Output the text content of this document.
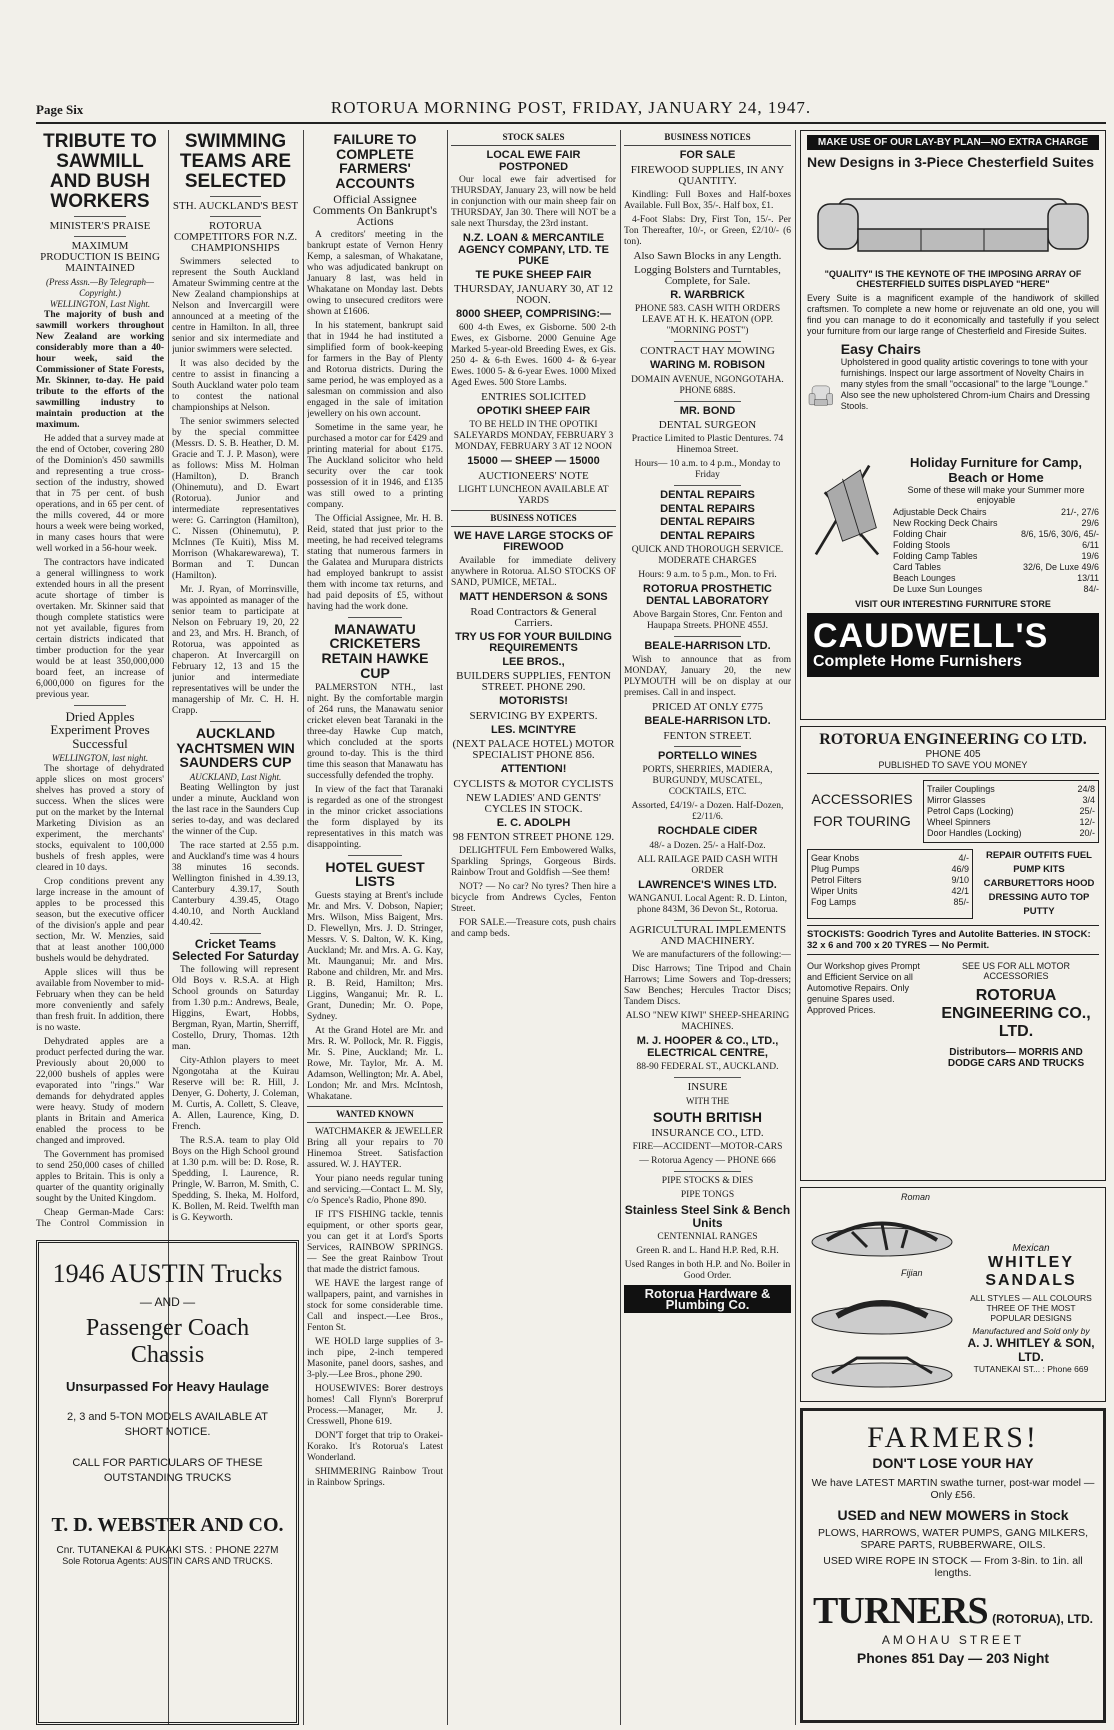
Page Six	ROTORUA MORNING POST, FRIDAY, JANUARY 24, 1947.
TRIBUTE TO SAWMILL AND BUSH WORKERS
MINISTER'S PRAISE
MAXIMUM PRODUCTION IS BEING MAINTAINED
(Press Assn.—By Telegraph—Copyright.)
WELLINGTON, Last Night.

The majority of bush and sawmill workers throughout New Zealand are working considerably more than a 40-hour week, said the Commissioner of State Forests, Mr. Skinner, to-day. He paid tribute to the efforts of the sawmilling industry to maintain production at the maximum.

He added that a survey made at the end of October, covering 280 of the Dominion's 450 sawmills and representing a true cross-section of the industry, showed that in 75 per cent. of bush operations, and in 65 per cent. of the mills covered, 44 or more hours a week were being worked, in many cases hours that were well worked in a 56-hour week.

The contractors have indicated a general willingness to work extended hours in all the present acute shortage of timber is overtaken. Mr. Skinner said that though complete statistics were not yet available, figures from certain districts indicated that timber production for the year would be at least 350,000,000 board feet, an increase of 6,000,000 on figures for the previous year.

Dried Apples Experiment Proves Successful
WELLINGTON, last night.

The shortage of dehydrated apple slices on most grocers' shelves has proved a story of success. When the slices were put on the market by the Internal Marketing Division as an experiment, the merchants' stocks, equivalent to 100,000 bushels of fresh apples, were cleared in 10 days.

Crop conditions prevent any large increase in the amount of apples to be processed this season, but the executive officer of the division's apple and pear section, Mr. W. Menzies, said that at least another 100,000 bushels would be dehydrated.

Apple slices will thus be available from November to mid-February when they can be held more conveniently and safely than fresh fruit. In addition, there is no waste.

Dehydrated apples are a product perfected during the war. Previously about 20,000 to 22,000 bushels of apples were evaporated into "rings." War demands for dehydrated apples were heavy. Study of modern plants in Britain and America enabled the process to be changed and improved.

The Government has promised to send 250,000 cases of chilled apples to Britain. This is only a quarter of the quantity originally sought by the United Kingdom.

Cheap German-Made Cars: The Control Commission in

SWIMMING TEAMS ARE SELECTED
STH. AUCKLAND'S BEST
ROTORUA COMPETITORS FOR N.Z. CHAMPIONSHIPS

Swimmers selected to represent the South Auckland Amateur Swimming centre at the New Zealand championships at Nelson and Invercargill were announced at a meeting of the centre in Hamilton. In all, three senior and six intermediate and junior swimmers were selected.

It was also decided by the centre to assist in financing a South Auckland water polo team to contest the national championships at Nelson.

The senior swimmers selected by the special committee (Messrs. D. S. B. Heather, D. M. Gracie and T. J. P. Mason), were as follows: Miss M. Holman (Hamilton), D. Branch (Ohinemutu), and D. Ewart (Rotorua). Junior and intermediate representatives were: G. Carrington (Hamilton), C. Nissen (Ohinemutu), P. McInnes (Te Kuiti), Miss M. Morrison (Whakarewarewa), T. Borman and T. Duncan (Hamilton).

Mr. J. Ryan, of Morrinsville, was appointed as manager of the senior team to participate at Nelson on February 19, 20, 22 and 23, and Mrs. H. Branch, of Rotorua, was appointed as chaperon. At Invercargill on February 12, 13 and 15 the junior and intermediate representatives will be under the managership of Mr. C. H. H. Crapp.

AUCKLAND YACHTSMEN WIN SAUNDERS CUP
AUCKLAND, Last Night.

Beating Wellington by just under a minute, Auckland won the last race in the Saunders Cup series to-day, and was declared the winner of the Cup.

The race started at 2.55 p.m. and Auckland's time was 4 hours 38 minutes 16 seconds. Wellington finished in 4.39.13, Canterbury 4.39.17, South Canterbury 4.39.45, Otago 4.40.10, and North Auckland 4.40.42.

Cricket Teams Selected For Saturday

The following will represent Old Boys v. R.S.A. at High School grounds on Saturday from 1.30 p.m.: Andrews, Beale, Higgins, Ewart, Hobbs, Bergman, Ryan, Martin, Sherriff, Costello, Drury, Thomas. 12th man.

City-Athlon players to meet Ngongotaha at the Kuirau Reserve will be: R. Hill, J. Denyer, G. Doherty, J. Coleman, M. Curtis, A. Collett, S. Cleave, A. Allen, Laurence, King, D. French.

The R.S.A. team to play Old Boys on the High School ground at 1.30 p.m. will be: D. Rose, R. Spedding, I. Laurence, R. Pringle, W. Barron, M. Smith, C. Spedding, S. Iheka, M. Holford, K. Bollen, M. Reid. Twelfth man is G. Keyworth.

1946 AUSTIN Trucks
— AND —
Passenger Coach Chassis
Unsurpassed For Heavy Haulage
2, 3 and 5-TON MODELS AVAILABLE AT SHORT NOTICE.
CALL FOR PARTICULARS OF THESE OUTSTANDING TRUCKS
T. D. WEBSTER AND CO.
Cnr. TUTANEKAI & PUKAKI STS. : PHONE 227M
Sole Rotorua Agents: AUSTIN CARS AND TRUCKS.
FAILURE TO COMPLETE FARMERS' ACCOUNTS
Official Assignee Comments On Bankrupt's Actions

A creditors' meeting in the bankrupt estate of Vernon Henry Kemp, a salesman, of Whakatane, who was adjudicated bankrupt on January 8 last, was held in Whakatane on Monday last. Debts owing to unsecured creditors were shown at £1606.

In his statement, bankrupt said that in 1944 he had instituted a simplified form of book-keeping for farmers in the Bay of Plenty and Rotorua districts. During the same period, he was employed as a salesman on commission and also engaged in the sale of imitation jewellery on his own account.

Sometime in the same year, he purchased a motor car for £429 and printing material for about £175. The Auckland solicitor who held security over the car took possession of it in 1946, and £135 was still owed to a printing company.

The Official Assignee, Mr. H. B. Reid, stated that just prior to the meeting, he had received telegrams stating that numerous farmers in the Galatea and Murupara districts had employed bankrupt to assist them with income tax returns, and had paid deposits of £5, without having had the work done.

MANAWATU CRICKETERS RETAIN HAWKE CUP

PALMERSTON NTH., last night. By the comfortable margin of 264 runs, the Manawatu senior cricket eleven beat Taranaki in the three-day Hawke Cup match, which concluded at the sports ground to-day. This is the third time this season that Manawatu has successfully defended the trophy.

In view of the fact that Taranaki is regarded as one of the strongest in the minor cricket associations the form displayed by its representatives in this match was disappointing.

HOTEL GUEST LISTS

Guests staying at Brent's include Mr. and Mrs. V. Dobson, Napier; Mrs. Wilson, Miss Baigent, Mrs. D. Flewellyn, Mrs. J. D. Stringer, Messrs. V. S. Dalton, W. K. King, Auckland; Mr. and Mrs. A. G. Kay, Mt. Maunganui; Mr. and Mrs. Rabone and children, Mr. and Mrs. R. B. Reid, Hamilton; Mrs. Liggins, Wanganui; Mr. R. L. Grant, Dunedin; Mr. O. Pope, Sydney.

At the Grand Hotel are Mr. and Mrs. R. W. Pollock, Mr. R. Figgis, Mr. S. Pine, Auckland; Mr. L. Rowe, Mr. Taylor, Mr. A. M. Adamson, Wellington; Mr. A. Abel, London; Mr. and Mrs. McIntosh, Whakatane.

WANTED KNOWN

WATCHMAKER & JEWELLER Bring all your repairs to 70 Hinemoa Street. Satisfaction assured. W. J. HAYTER.

Your piano needs regular tuning and servicing.—Contact L. M. Sly, c/o Spence's Radio, Phone 890.

IF IT'S FISHING tackle, tennis equipment, or other sports gear, you can get it at Lord's Sports Services, RAINBOW SPRINGS. — See the great Rainbow Trout that made the district famous.

WE HAVE the largest range of wallpapers, paint, and varnishes in stock for some considerable time. Call and inspect.—Lee Bros., Fenton St.

WE HOLD large supplies of 3-inch pipe, 2-inch tempered Masonite, panel doors, sashes, and 3-ply.—Lee Bros., phone 290.

HOUSEWIVES: Borer destroys homes! Call Flynn's Borerpruf Process.—Manager, Mr. J. Cresswell, Phone 619.

DON'T forget that trip to Orakei-Korako. It's Rotorua's Latest Wonderland.

SHIMMERING Rainbow Trout in Rainbow Springs.

STOCK SALES
LOCAL EWE FAIR POSTPONED

Our local ewe fair advertised for THURSDAY, January 23, will now be held in conjunction with our main sheep fair on THURSDAY, Jan 30. There will NOT be a sale next Thursday, the 23rd instant.

N.Z. LOAN & MERCANTILE AGENCY COMPANY, LTD. TE PUKE
TE PUKE SHEEP FAIR
THURSDAY, JANUARY 30, AT 12 NOON.
8000 SHEEP, COMPRISING:—

600 4-th Ewes, ex Gisborne. 500 2-th Ewes, ex Gisborne. 2000 Genuine Age Marked 5-year-old Breeding Ewes, ex Gis. 250 4- & 6-th Ewes. 1600 4- & 6-year Ewes. 1000 5- & 6-year Ewes. 1000 Mixed Aged Ewes. 500 Store Lambs.

ENTRIES SOLICITED
OPOTIKI SHEEP FAIR
TO BE HELD IN THE OPOTIKI SALEYARDS MONDAY, FEBRUARY 3 MONDAY, FEBRUARY 3 AT 12 NOON
15000 — SHEEP — 15000
AUCTIONEERS' NOTE
LIGHT LUNCHEON AVAILABLE AT YARDS
BUSINESS NOTICES
WE HAVE LARGE STOCKS OF FIREWOOD

Available for immediate delivery anywhere in Rotorua. ALSO STOCKS OF SAND, PUMICE, METAL.

MATT HENDERSON & SONS
Road Contractors & General Carriers.
TRY US FOR YOUR BUILDING REQUIREMENTS
LEE BROS.,
BUILDERS SUPPLIES, FENTON STREET. PHONE 290.
MOTORISTS!
SERVICING BY EXPERTS.
LES. MCINTYRE
(NEXT PALACE HOTEL) MOTOR SPECIALIST PHONE 856.
ATTENTION!
CYCLISTS & MOTOR CYCLISTS
NEW LADIES' AND GENTS' CYCLES IN STOCK.
E. C. ADOLPH
98 FENTON STREET PHONE 129.

DELIGHTFUL Fern Embowered Walks, Sparkling Springs, Gorgeous Birds. Rainbow Trout and Goldfish —See them!

NOT? — No car? No tyres? Then hire a bicycle from Andrews Cycles, Fenton Street.

FOR SALE.—Treasure cots, push chairs and camp beds.

BUSINESS NOTICES
FOR SALE
FIREWOOD SUPPLIES, IN ANY QUANTITY.

Kindling: Full Boxes and Half-boxes Available. Full Box, 35/-. Half box, £1.

4-Foot Slabs: Dry, First Ton, 15/-. Per Ton Thereafter, 10/-, or Green, £2/10/- (6 ton).

Also Sawn Blocks in any Length.
Logging Bolsters and Turntables, Complete, for Sale.
R. WARBRICK
PHONE 583. CASH WITH ORDERS LEAVE AT H. K. HEATON (OPP. "MORNING POST")
CONTRACT HAY MOWING
WARING M. ROBISON
DOMAIN AVENUE, NGONGOTAHA. PHONE 688S.
MR. BOND
DENTAL SURGEON
Practice Limited to Plastic Dentures. 74 Hinemoa Street.
Hours— 10 a.m. to 4 p.m., Monday to Friday
DENTAL REPAIRS
DENTAL REPAIRS
DENTAL REPAIRS
DENTAL REPAIRS
QUICK AND THOROUGH SERVICE. MODERATE CHARGES
Hours: 9 a.m. to 5 p.m., Mon. to Fri.
ROTORUA PROSTHETIC DENTAL LABORATORY
Above Bargain Stores, Cnr. Fenton and Haupapa Streets. PHONE 455J.
BEALE-HARRISON LTD.

Wish to announce that as from MONDAY, January 20, the new PLYMOUTH will be on display at our premises. Call in and inspect.

PRICED AT ONLY £775
BEALE-HARRISON LTD.
FENTON STREET.
PORTELLO WINES
PORTS, SHERRIES, MADIERA, BURGUNDY, MUSCATEL, COCKTAILS, ETC.
Assorted, £4/19/- a Dozen. Half-Dozen, £2/11/6.
ROCHDALE CIDER
48/- a Dozen. 25/- a Half-Doz.
ALL RAILAGE PAID CASH WITH ORDER
LAWRENCE'S WINES LTD.
WANGANUI. Local Agent: R. D. Linton, phone 843M, 36 Devon St., Rotorua.
AGRICULTURAL IMPLEMENTS AND MACHINERY.

We are manufacturers of the following:—

Disc Harrows; Tine Tripod and Chain Harrows; Lime Sowers and Top-dressers; Saw Benches; Hercules Tractor Discs; Tandem Discs.

ALSO "NEW KIWI" SHEEP-SHEARING MACHINES.
M. J. HOOPER & CO., LTD., ELECTRICAL CENTRE,
88-90 FEDERAL ST., AUCKLAND.
INSURE
WITH THE
SOUTH BRITISH
INSURANCE CO., LTD.
FIRE—ACCIDENT—MOTOR-CARS
— Rotorua Agency — PHONE 666
PIPE STOCKS & DIES
PIPE TONGS
Stainless Steel Sink & Bench Units
CENTENNIAL RANGES
Green R. and L. Hand H.P. Red, R.H.
Used Ranges in both H.P. and No. Boiler in Good Order.
Rotorua Hardware & Plumbing Co.
MAKE USE OF OUR LAY-BY PLAN—NO EXTRA CHARGE
New Designs in 3-Piece Chesterfield Suites
"QUALITY" IS THE KEYNOTE OF THE IMPOSING ARRAY OF CHESTERFIELD SUITES DISPLAYED "HERE"
Every Suite is a magnificent example of the handiwork of skilled craftsmen. To complete a new home or rejuvenate an old one, you will find you can manage to do it economically and tastefully if you select your furniture from our large range of Chesterfield and Fireside Suites.
Easy Chairs
Upholstered in good quality artistic coverings to tone with your furnishings. Inspect our large assortment of Novelty Chairs in many styles from the small "occasional" to the large "Lounge." Also see the new upholstered Chrom-ium Chairs and Dressing Stools.
Holiday Furniture for Camp, Beach or Home
Some of these will make your Summer more enjoyable
Adjustable Deck Chairs	21/-, 27/6
New Rocking Deck Chairs	29/6
Folding Chair	8/6, 15/6, 30/6, 45/-
Folding Stools	6/11
Folding Camp Tables	19/6
Card Tables	32/6, De Luxe 49/6
Beach Lounges	13/11
De Luxe Sun Lounges	84/-
VISIT OUR INTERESTING FURNITURE STORE
CAUDWELL'S
Complete Home Furnishers
ROTORUA ENGINEERING CO LTD.
PHONE 405
PUBLISHED TO SAVE YOU MONEY
ACCESSORIES FOR TOURING
Trailer Couplings	24/8
Mirror Glasses	3/4
Petrol Caps (Locking)	25/-
Wheel Spinners	12/-
Door Handles (Locking)	20/-
Gear Knobs	4/-
Plug Pumps	46/9
Petrol Filters	9/10
Wiper Units	42/1
Fog Lamps	85/-
REPAIR OUTFITS FUEL PUMP KITS CARBURETTORS HOOD DRESSING AUTO TOP PUTTY
STOCKISTS: Goodrich Tyres and Autolite Batteries. IN STOCK: 32 x 6 and 700 x 20 TYRES — No Permit.
Our Workshop gives Prompt and Efficient Service on all Automotive Repairs. Only genuine Spares used. Approved Prices.
SEE US FOR ALL MOTOR ACCESSORIES
ROTORUA ENGINEERING CO., LTD.
Distributors— MORRIS AND DODGE CARS AND TRUCKS
Roman
Fijian
Mexican
WHITLEY SANDALS
ALL STYLES — ALL COLOURS THREE OF THE MOST POPULAR DESIGNS
Manufactured and Sold only by
A. J. WHITLEY & SON, LTD.
TUTANEKAI ST... : Phone 669
FARMERS!
DON'T LOSE YOUR HAY
We have LATEST MARTIN swathe turner, post-war model — Only £56.
USED and NEW MOWERS in Stock
PLOWS, HARROWS, WATER PUMPS, GANG MILKERS, SPARE PARTS, RUBBERWARE, OILS.
USED WIRE ROPE IN STOCK — From 3-8in. to 1in. all lengths.
TURNERS (ROTORUA), LTD.
AMOHAU STREET
Phones 851 Day — 203 Night
